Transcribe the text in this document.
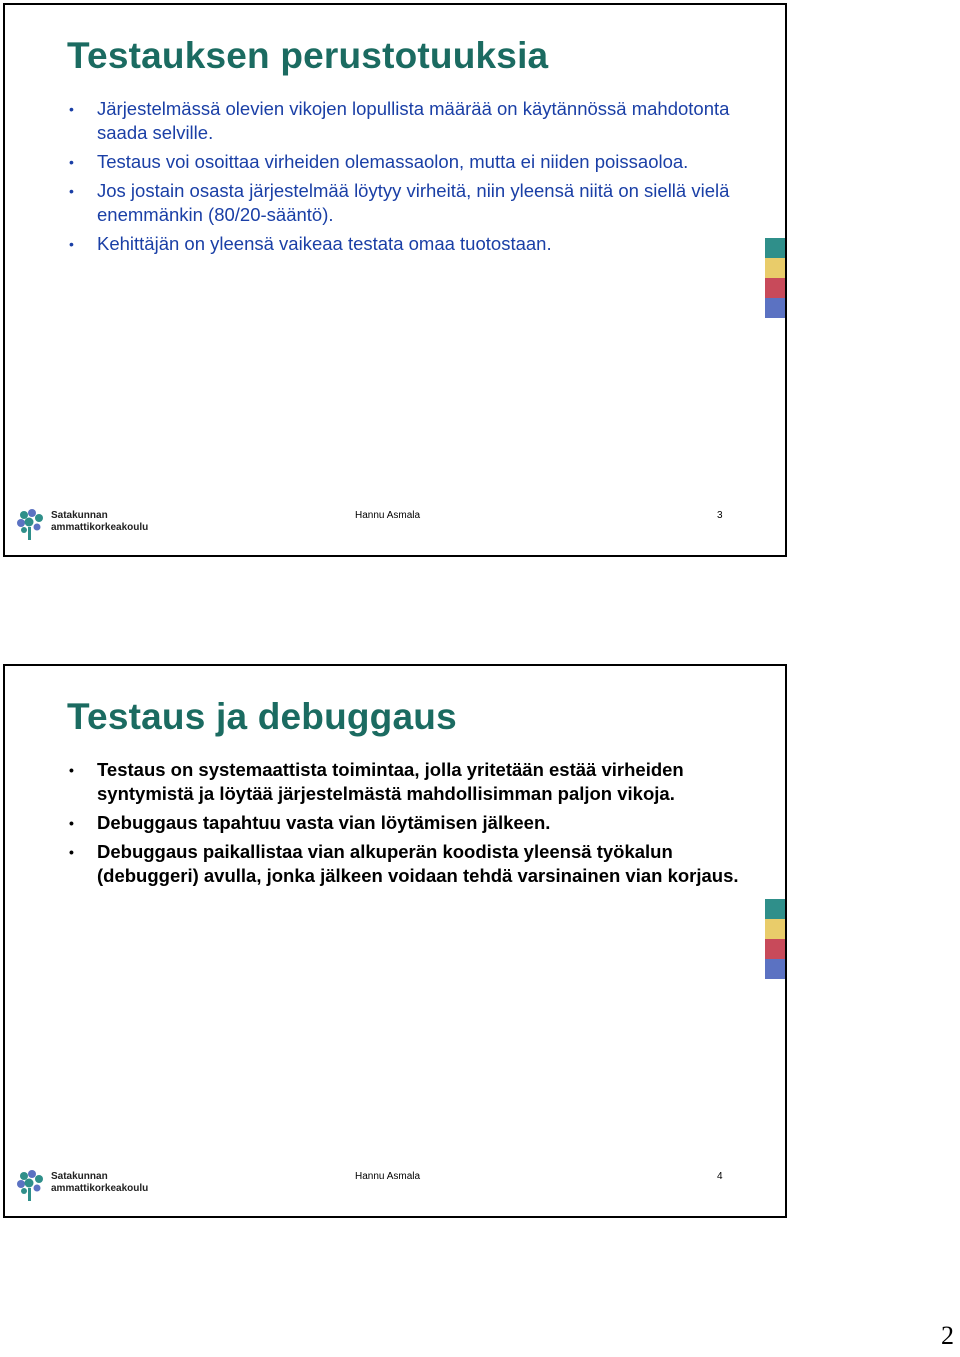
Testauksen perustotuuksia
• Järjestelmässä olevien vikojen lopullista määrää on käytännössä mahdotonta saada selville.
• Testaus voi osoittaa virheiden olemassaolon, mutta ei niiden poissaoloa.
• Jos jostain osasta järjestelmää löytyy virheitä, niin yleensä niitä on siellä vielä enemmänkin (80/20-sääntö).
• Kehittäjän on yleensä vaikeaa testata omaa tuotostaan.
Satakunnan
ammattikorkeakoulu
Hannu Asmala	3
Testaus ja debuggaus
• Testaus on systemaattista toimintaa, jolla yritetään estää virheiden syntymistä ja löytää järjestelmästä mahdollisimman paljon vikoja.
• Debuggaus tapahtuu vasta vian löytämisen jälkeen.
• Debuggaus paikallistaa vian alkuperän koodista yleensä työkalun (debuggeri) avulla, jonka jälkeen voidaan tehdä varsinainen vian korjaus.
Satakunnan
ammattikorkeakoulu
Hannu Asmala	4
2
